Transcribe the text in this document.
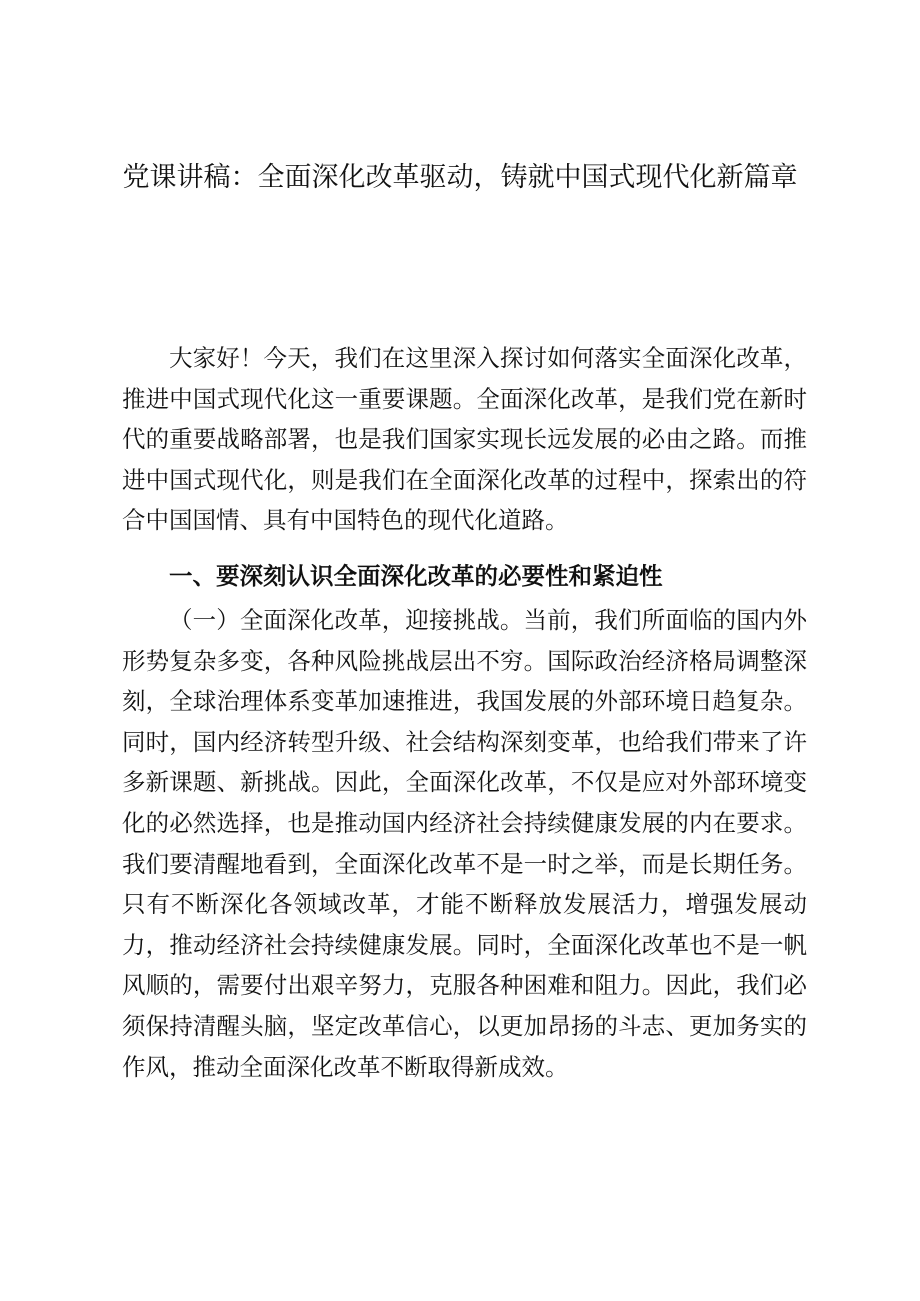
党课讲稿：全面深化改革驱动，铸就中国式现代化新篇章

大家好！今天，我们在这里深入探讨如何落实全面深化改革，推进中国式现代化这一重要课题。全面深化改革，是我们党在新时代的重要战略部署，也是我们国家实现长远发展的必由之路。而推进中国式现代化，则是我们在全面深化改革的过程中，探索出的符合中国国情、具有中国特色的现代化道路。

一、要深刻认识全面深化改革的必要性和紧迫性

（一）全面深化改革，迎接挑战。当前，我们所面临的国内外形势复杂多变，各种风险挑战层出不穷。国际政治经济格局调整深刻，全球治理体系变革加速推进，我国发展的外部环境日趋复杂。同时，国内经济转型升级、社会结构深刻变革，也给我们带来了许多新课题、新挑战。因此，全面深化改革，不仅是应对外部环境变化的必然选择，也是推动国内经济社会持续健康发展的内在要求。我们要清醒地看到，全面深化改革不是一时之举，而是长期任务。只有不断深化各领域改革，才能不断释放发展活力，增强发展动力，推动经济社会持续健康发展。同时，全面深化改革也不是一帆风顺的，需要付出艰辛努力，克服各种困难和阻力。因此，我们必须保持清醒头脑，坚定改革信心，以更加昂扬的斗志、更加务实的作风，推动全面深化改革不断取得新成效。
